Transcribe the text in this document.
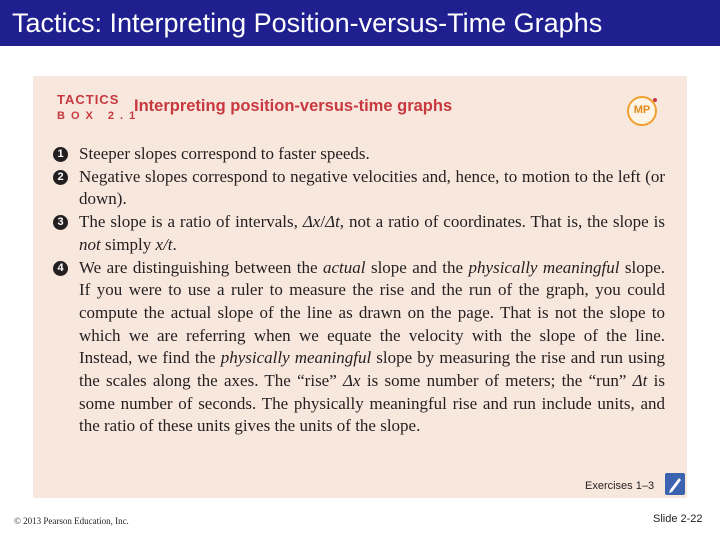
Tactics: Interpreting Position-versus-Time Graphs
TACTICS
BOX 2.1
Interpreting position-versus-time graphs	MP
1 Steeper slopes correspond to faster speeds.
2 Negative slopes correspond to negative velocities and, hence, to motion to the left (or down).
3 The slope is a ratio of intervals, Δx/Δt, not a ratio of coordinates. That is, the slope is not simply x/t.
4 We are distinguishing between the actual slope and the physically meaningful slope. If you were to use a ruler to measure the rise and the run of the graph, you could compute the actual slope of the line as drawn on the page. That is not the slope to which we are referring when we equate the velocity with the slope of the line. Instead, we find the physically meaningful slope by measuring the rise and run using the scales along the axes. The “rise” Δx is some number of meters; the “run” Δt is some number of seconds. The physically meaningful rise and run include units, and the ratio of these units gives the units of the slope.
Exercises 1–3
© 2013 Pearson Education, Inc.	Slide 2-22
